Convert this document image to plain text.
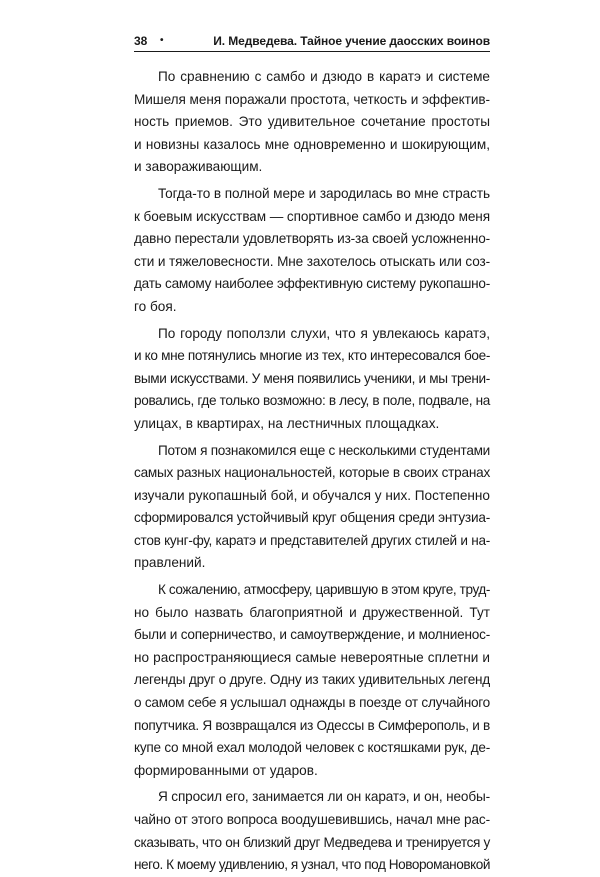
38 •	И. Медведева. Тайное учение даосских воинов
По сравнению с самбо и дзюдо в каратэ и системе
Мишеля меня поражали простота, четкость и эффектив-
ность приемов. Это удивительное сочетание простоты
и новизны казалось мне одновременно и шокирующим,
и завораживающим.
Тогда-то в полной мере и зародилась во мне страсть
к боевым искусствам — спортивное самбо и дзюдо меня
давно перестали удовлетворять из-за своей усложненно-
сти и тяжеловесности. Мне захотелось отыскать или соз-
дать самому наиболее эффективную систему рукопашно-
го боя.
По городу поползли слухи, что я увлекаюсь каратэ,
и ко мне потянулись многие из тех, кто интересовался бое-
выми искусствами. У меня появились ученики, и мы трени-
ровались, где только возможно: в лесу, в поле, подвале, на
улицах, в квартирах, на лестничных площадках.
Потом я познакомился еще с несколькими студентами
самых разных национальностей, которые в своих странах
изучали рукопашный бой, и обучался у них. Постепенно
сформировался устойчивый круг общения среди энтузиа-
стов кунг-фу, каратэ и представителей других стилей и на-
правлений.
К сожалению, атмосферу, царившую в этом круге, труд-
но было назвать благоприятной и дружественной. Тут
были и соперничество, и самоутверждение, и молниенос-
но распространяющиеся самые невероятные сплетни и
легенды друг о друге. Одну из таких удивительных легенд
о самом себе я услышал однажды в поезде от случайного
попутчика. Я возвращался из Одессы в Симферополь, и в
купе со мной ехал молодой человек с костяшками рук, де-
формированными от ударов.
Я спросил его, занимается ли он каратэ, и он, необы-
чайно от этого вопроса воодушевившись, начал мне рас-
сказывать, что он близкий друг Медведева и тренируется у
него. К моему удивлению, я узнал, что под Новоромановкой
